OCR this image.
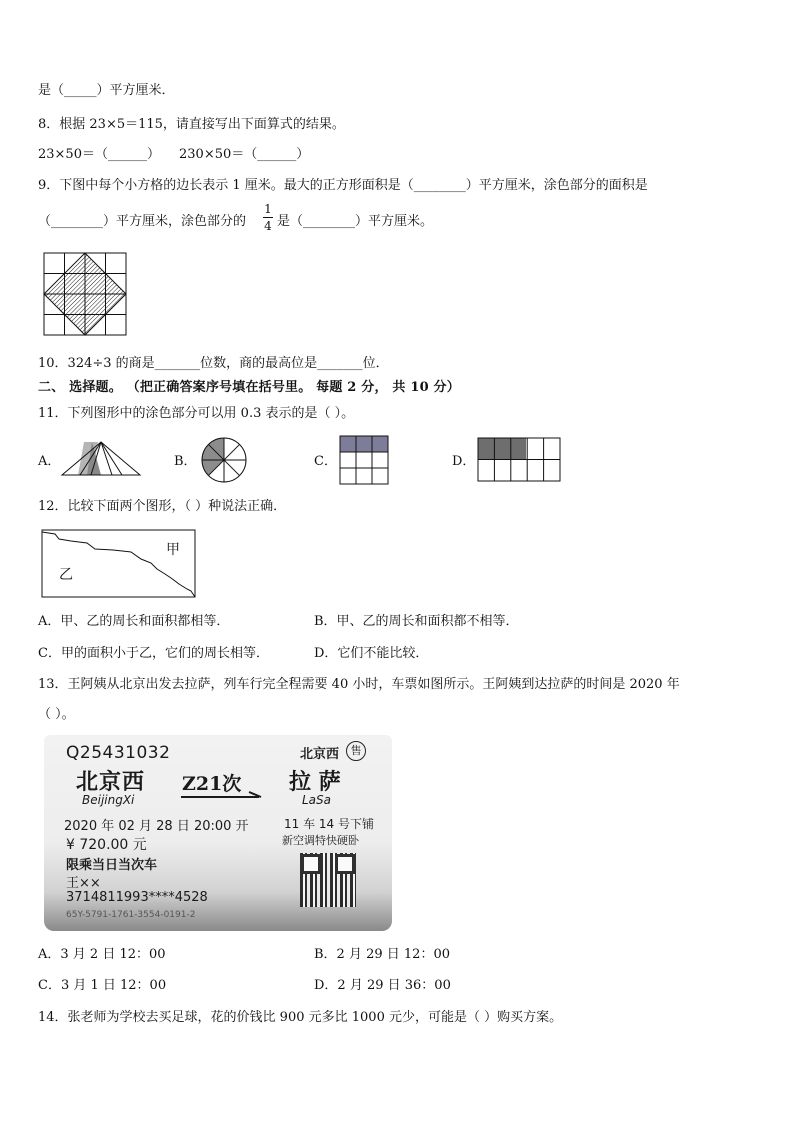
是（_____）平方厘米．
8．根据 23×5＝115，请直接写出下面算式的结果。
23×50＝（______） 230×50＝（______）
9．下图中每个小方格的边长表示 1 厘米。最大的正方形面积是（________）平方厘米，涂色部分的面积是
（________）平方厘米，涂色部分的
1
4 是（________）平方厘米。
10．324÷3 的商是_______位数，商的最高位是_______位．
二、 选择题。 （把正确答案序号填在括号里。 每题 2 分， 共 10 分）
11．下列图形中的涂色部分可以用 0.3 表示的是（ ）。
A．	B．	C．	D．
12．比较下面两个图形，（ ）种说法正确．
甲
乙
A．甲、乙的周长和面积都相等．	B．甲、乙的周长和面积都不相等．
C．甲的面积小于乙，它们的周长相等．	D．它们不能比较．
13．王阿姨从北京出发去拉萨，列车行完全程需要 40 小时，车票如图所示。王阿姨到达拉萨的时间是 2020 年
（ ）。
Q25431032	北京西	售
北京西 Z21次 拉 萨
BeijingXi	LaSa
2020 年 02 月 28 日 20:00 开	11 车 14 号下铺
新空调特快硬卧
¥ 720.00 元
限乘当日当次车
王××
3714811993****4528
65Y-5791-1761-3554-0191-2
A．3 月 2 日 12：00	B．2 月 29 日 12：00
C．3 月 1 日 12：00	D．2 月 29 日 36：00
14．张老师为学校去买足球，花的价钱比 900 元多比 1000 元少，可能是（ ）购买方案。
